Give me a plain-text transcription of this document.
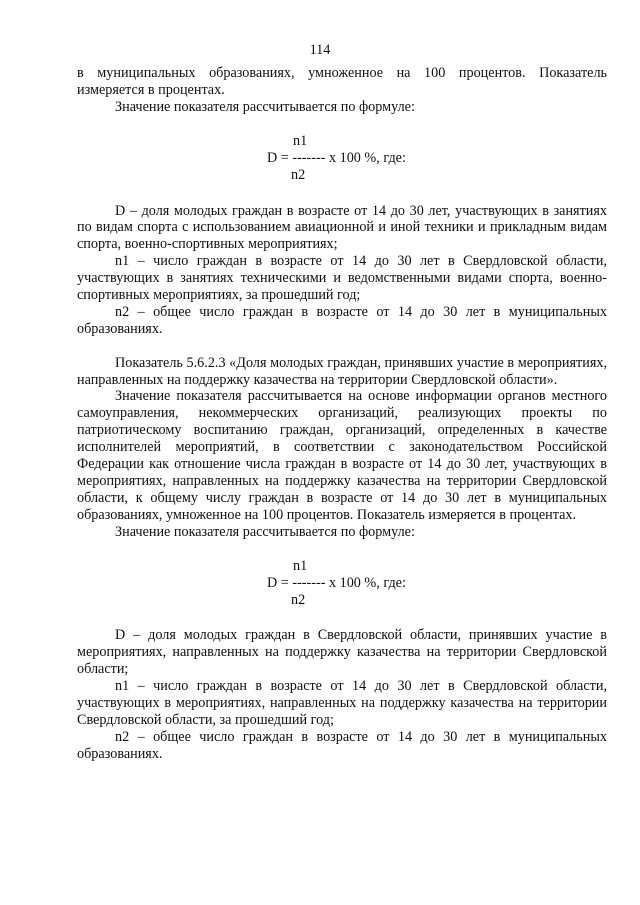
114

в муниципальных образованиях, умноженное на 100 процентов. Показатель измеряется в процентах.

Значение показателя рассчитывается по формуле:

n1
D = ------- х 100 %, где:
n2

D – доля молодых граждан в возрасте от 14 до 30 лет, участвующих в занятиях по видам спорта с использованием авиационной и иной техники и прикладным видам спорта, военно-спортивных мероприятиях;

n1 – число граждан в возрасте от 14 до 30 лет в Свердловской области, участвующих в занятиях техническими и ведомственными видами спорта, военно-спортивных мероприятиях, за прошедший год;

n2 – общее число граждан в возрасте от 14 до 30 лет в муниципальных образованиях.

Показатель 5.6.2.3 «Доля молодых граждан, принявших участие в мероприятиях, направленных на поддержку казачества на территории Свердловской области».

Значение показателя рассчитывается на основе информации органов местного самоуправления, некоммерческих организаций, реализующих проекты по патриотическому воспитанию граждан, организаций, определенных в качестве исполнителей мероприятий, в соответствии с законодательством Российской Федерации как отношение числа граждан в возрасте от 14 до 30 лет, участвующих в мероприятиях, направленных на поддержку казачества на территории Свердловской области, к общему числу граждан в возрасте от 14 до 30 лет в муниципальных образованиях, умноженное на 100 процентов. Показатель измеряется в процентах.

Значение показателя рассчитывается по формуле:

n1
D = ------- х 100 %, где:
n2

D – доля молодых граждан в Свердловской области, принявших участие в мероприятиях, направленных на поддержку казачества на территории Свердловской области;

n1 – число граждан в возрасте от 14 до 30 лет в Свердловской области, участвующих в мероприятиях, направленных на поддержку казачества на территории Свердловской области, за прошедший год;

n2 – общее число граждан в возрасте от 14 до 30 лет в муниципальных образованиях.
